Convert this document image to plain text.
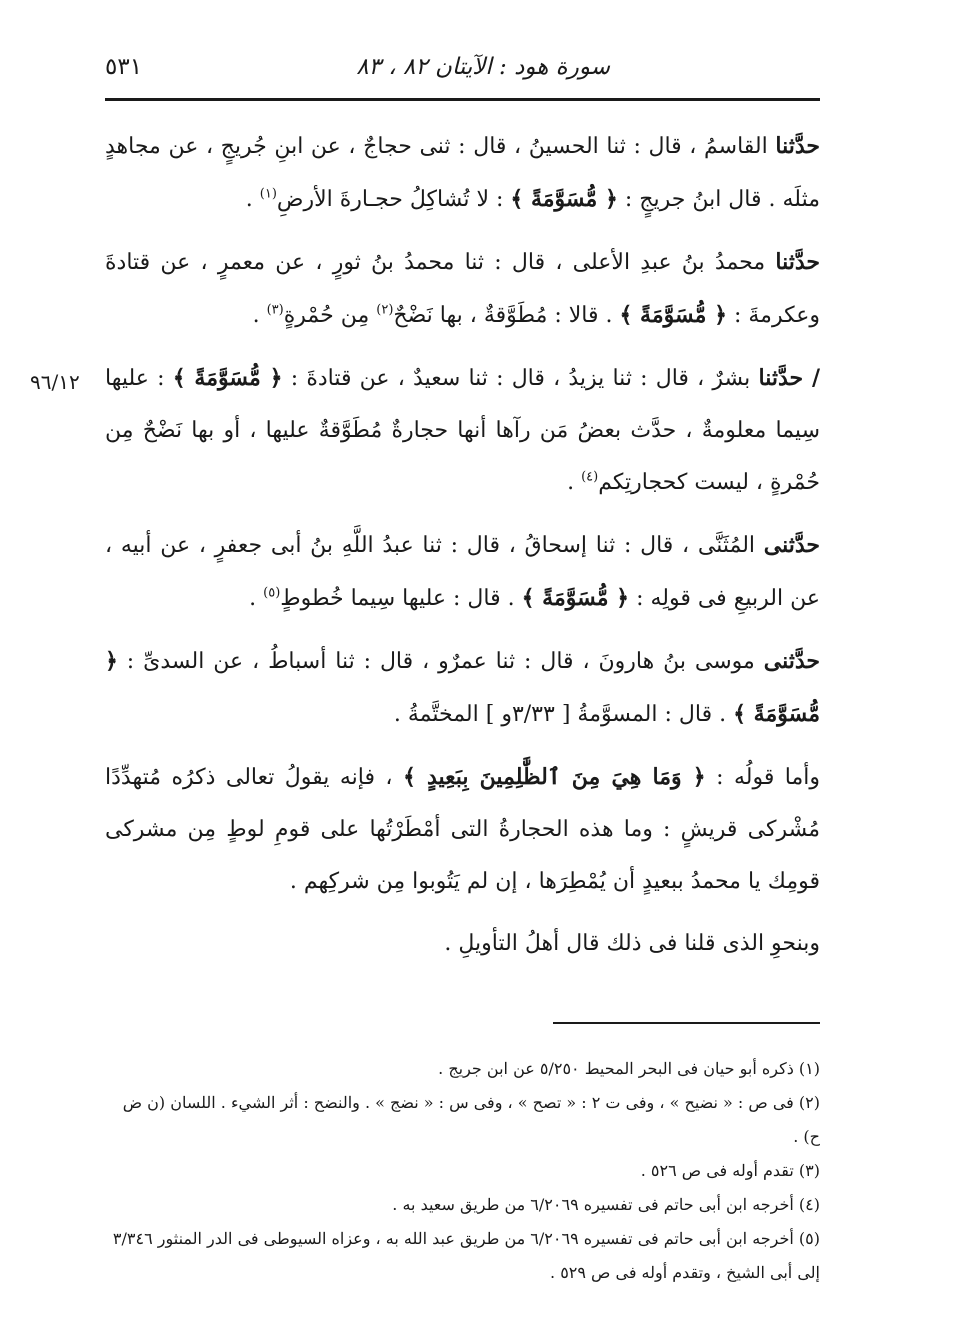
سورة هود : الآيتان ٨٢ ، ٨٣
٥٣١
٩٦/١٢

حدَّثنا القاسمُ ، قال : ثنا الحسينُ ، قال : ثنى حجاجٌ ، عن ابنِ جُريجٍ ، عن مجاهدٍ مثلَه . قال ابنُ جريجٍ : ﴿ مُّسَوَّمَةً ﴾ : لا تُشاكِلُ حجـارةَ الأرضِ$^{(١)}$ .

حدَّثنا محمدُ بنُ عبدِ الأعلى ، قال : ثنا محمدُ بنُ ثورٍ ، عن معمرٍ ، عن قتادةَ وعكرمةَ : ﴿ مُّسَوَّمَةً ﴾ . قالا : مُطَوَّقةٌ ، بها نَضْحٌ$^{(٢)}$ مِن حُمْرةٍ$^{(٣)}$ .

/ حدَّثنا بشرٌ ، قال : ثنا يزيدُ ، قال : ثنا سعيدٌ ، عن قتادةَ : ﴿ مُّسَوَّمَةً ﴾ : عليها سِيما معلومةٌ ، حدَّث بعضُ مَن رآها أنها حجارةٌ مُطَوَّقةٌ عليها ، أو بها نَضْحٌ مِن حُمْرةٍ ، ليست كحجارتِكم$^{(٤)}$ .

حدَّثنى المُثَنَّى ، قال : ثنا إسحاقُ ، قال : ثنا عبدُ اللَّهِ بنُ أبى جعفرٍ ، عن أبيه ، عن الربيعِ فى قولِه : ﴿ مُّسَوَّمَةً ﴾ . قال : عليها سِيما خُطوطٍ$^{(٥)}$ .

حدَّثنى موسى بنُ هارونَ ، قال : ثنا عمرٌو ، قال : ثنا أسباطُ ، عن السدىِّ : ﴿ مُّسَوَّمَةً ﴾ . قال : المسوَّمةُ [ ٣/٣٣و ] المختَّمةُ .

وأما قولُه : ﴿ وَمَا هِيَ مِنَ ٱلظَّٰلِمِينَ بِبَعِيدٍ ﴾ ، فإنه يقولُ تعالى ذكرُه مُتهدِّدًا مُشْركى قريشٍ : وما هذه الحجارةُ التى أمْطَرْتُها على قومِ لوطٍ مِن مشركى قومِك يا محمدُ ببعيدٍ أن يُمْطِرَها ، إن لم يَتُوبوا مِن شركِهم .

وبنحوِ الذى قلنا فى ذلك قال أهلُ التأويلِ .

(١) ذكره أبو حيان فى البحر المحيط ٥/٢٥٠ عن ابن جريج .

(٢) فى ص : « نضيح » ، وفى ت ٢ : « تصح » ، وفى س : « نضج » . والنضح : أثر الشيء . اللسان (ن ض ح) .

(٣) تقدم أوله فى ص ٥٢٦ .

(٤) أخرجه ابن أبى حاتم فى تفسيره ٦/٢٠٦٩ من طريق سعيد به .

(٥) أخرجه ابن أبى حاتم فى تفسيره ٦/٢٠٦٩ من طريق عبد الله به ، وعزاه السيوطى فى الدر المنثور ٣/٣٤٦ إلى أبى الشيخ ، وتقدم أوله فى ص ٥٢٩ .
